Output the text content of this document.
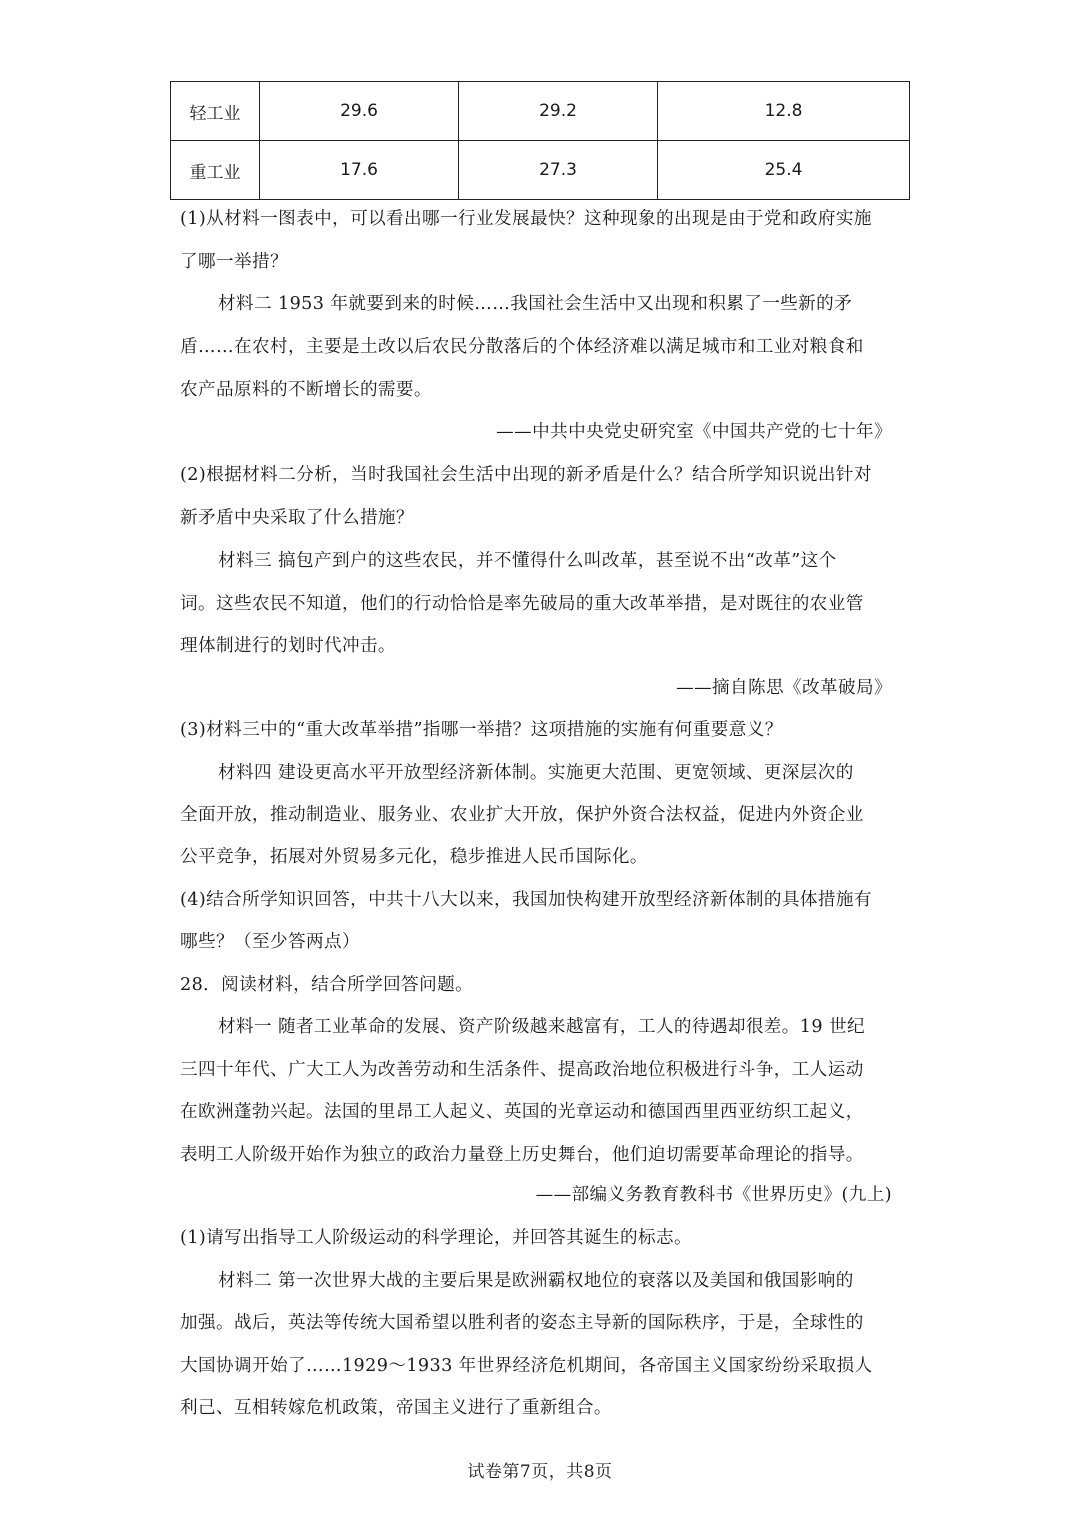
轻工业	29.6	29.2	12.8
重工业	17.6	27.3	25.4
(1)从材料一图表中，可以看出哪一行业发展最快？这种现象的出现是由于党和政府实施
了哪一举措？
材料二 1953 年就要到来的时候……我国社会生活中又出现和积累了一些新的矛
盾……在农村，主要是土改以后农民分散落后的个体经济难以满足城市和工业对粮食和
农产品原料的不断增长的需要。
——中共中央党史研究室《中国共产党的七十年》
(2)根据材料二分析，当时我国社会生活中出现的新矛盾是什么？结合所学知识说出针对
新矛盾中央采取了什么措施？
材料三 搞包产到户的这些农民，并不懂得什么叫改革，甚至说不出“改革”这个
词。这些农民不知道，他们的行动恰恰是率先破局的重大改革举措，是对既往的农业管
理体制进行的划时代冲击。
——摘自陈思《改革破局》
(3)材料三中的“重大改革举措”指哪一举措？这项措施的实施有何重要意义？
材料四 建设更高水平开放型经济新体制。实施更大范围、更宽领域、更深层次的
全面开放，推动制造业、服务业、农业扩大开放，保护外资合法权益，促进内外资企业
公平竞争，拓展对外贸易多元化，稳步推进人民币国际化。
(4)结合所学知识回答，中共十八大以来，我国加快构建开放型经济新体制的具体措施有
哪些？（至少答两点）
28．阅读材料，结合所学回答问题。
材料一 随者工业革命的发展、资产阶级越来越富有，工人的待遇却很差。19 世纪
三四十年代、广大工人为改善劳动和生活条件、提高政治地位积极进行斗争，工人运动
在欧洲蓬勃兴起。法国的里昂工人起义、英国的光章运动和德国西里西亚纺织工起义，
表明工人阶级开始作为独立的政治力量登上历史舞台，他们迫切需要革命理论的指导。
——部编义务教育教科书《世界历史》(九上)
(1)请写出指导工人阶级运动的科学理论，并回答其诞生的标志。
材料二 第一次世界大战的主要后果是欧洲霸权地位的衰落以及美国和俄国影响的
加强。战后，英法等传统大国希望以胜利者的姿态主导新的国际秩序，于是，全球性的
大国协调开始了……1929～1933 年世界经济危机期间，各帝国主义国家纷纷采取损人
利己、互相转嫁危机政策，帝国主义进行了重新组合。
试卷第7页，共8页
